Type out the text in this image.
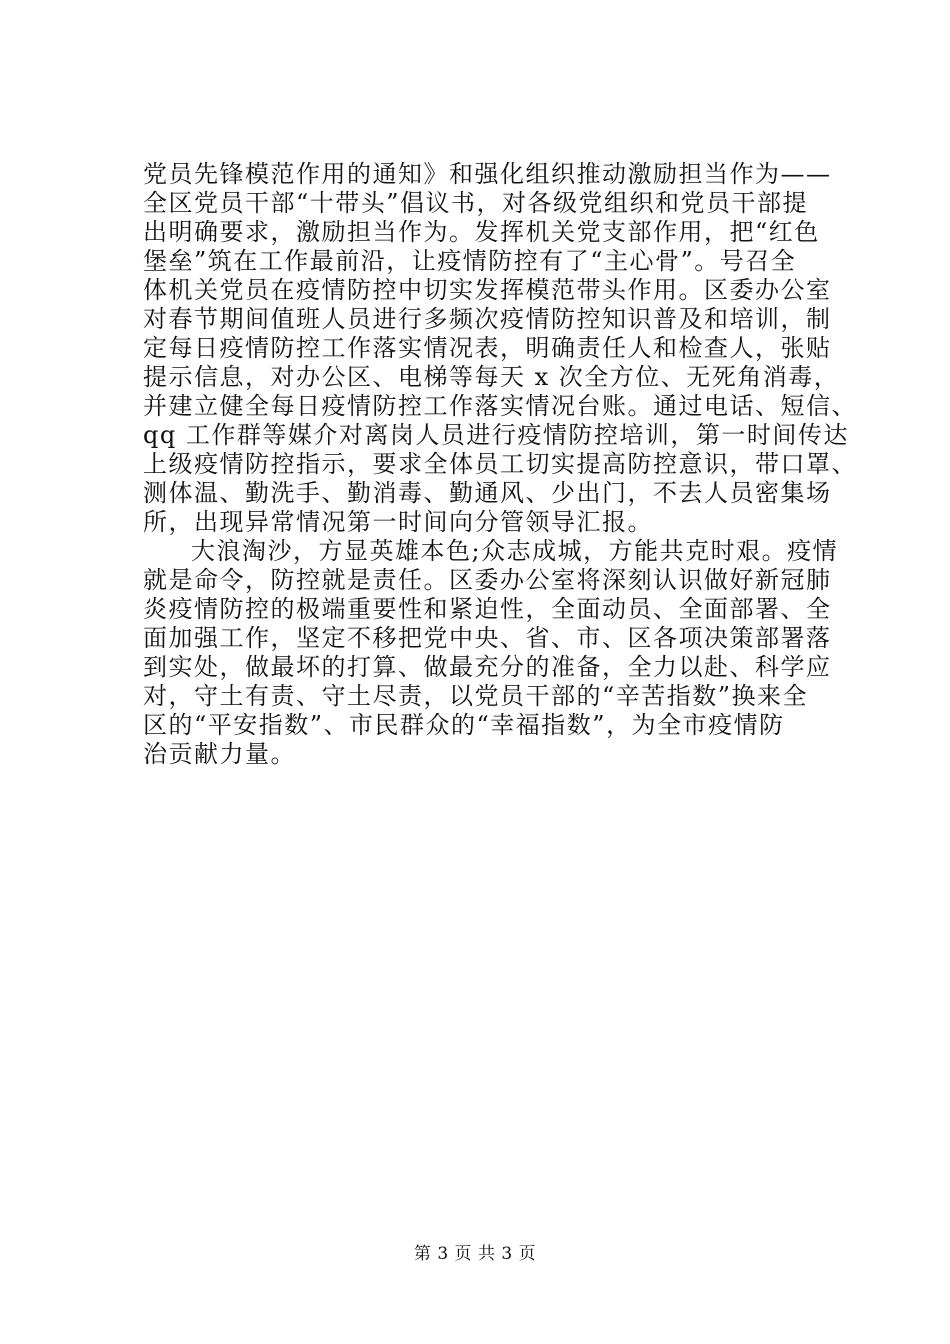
党员先锋模范作用的通知》和强化组织推动激励担当作为——
全区党员干部“十带头”倡议书，对各级党组织和党员干部提
出明确要求，激励担当作为。发挥机关党支部作用，把“红色
堡垒”筑在工作最前沿，让疫情防控有了“主心骨”。号召全
体机关党员在疫情防控中切实发挥模范带头作用。区委办公室
对春节期间值班人员进行多频次疫情防控知识普及和培训，制
定每日疫情防控工作落实情况表，明确责任人和检查人，张贴
提示信息，对办公区、电梯等每天 x 次全方位、无死角消毒，
并建立健全每日疫情防控工作落实情况台账。通过电话、短信、
qq 工作群等媒介对离岗人员进行疫情防控培训，第一时间传达
上级疫情防控指示，要求全体员工切实提高防控意识，带口罩、
测体温、勤洗手、勤消毒、勤通风、少出门，不去人员密集场
所，出现异常情况第一时间向分管领导汇报。
大浪淘沙，方显英雄本色;众志成城，方能共克时艰。疫情
就是命令，防控就是责任。区委办公室将深刻认识做好新冠肺
炎疫情防控的极端重要性和紧迫性，全面动员、全面部署、全
面加强工作，坚定不移把党中央、省、市、区各项决策部署落
到实处，做最坏的打算、做最充分的准备，全力以赴、科学应
对，守土有责、守土尽责，以党员干部的“辛苦指数”换来全
区的“平安指数”、市民群众的“幸福指数”，为全市疫情防
治贡献力量。
第 3 页 共 3 页
